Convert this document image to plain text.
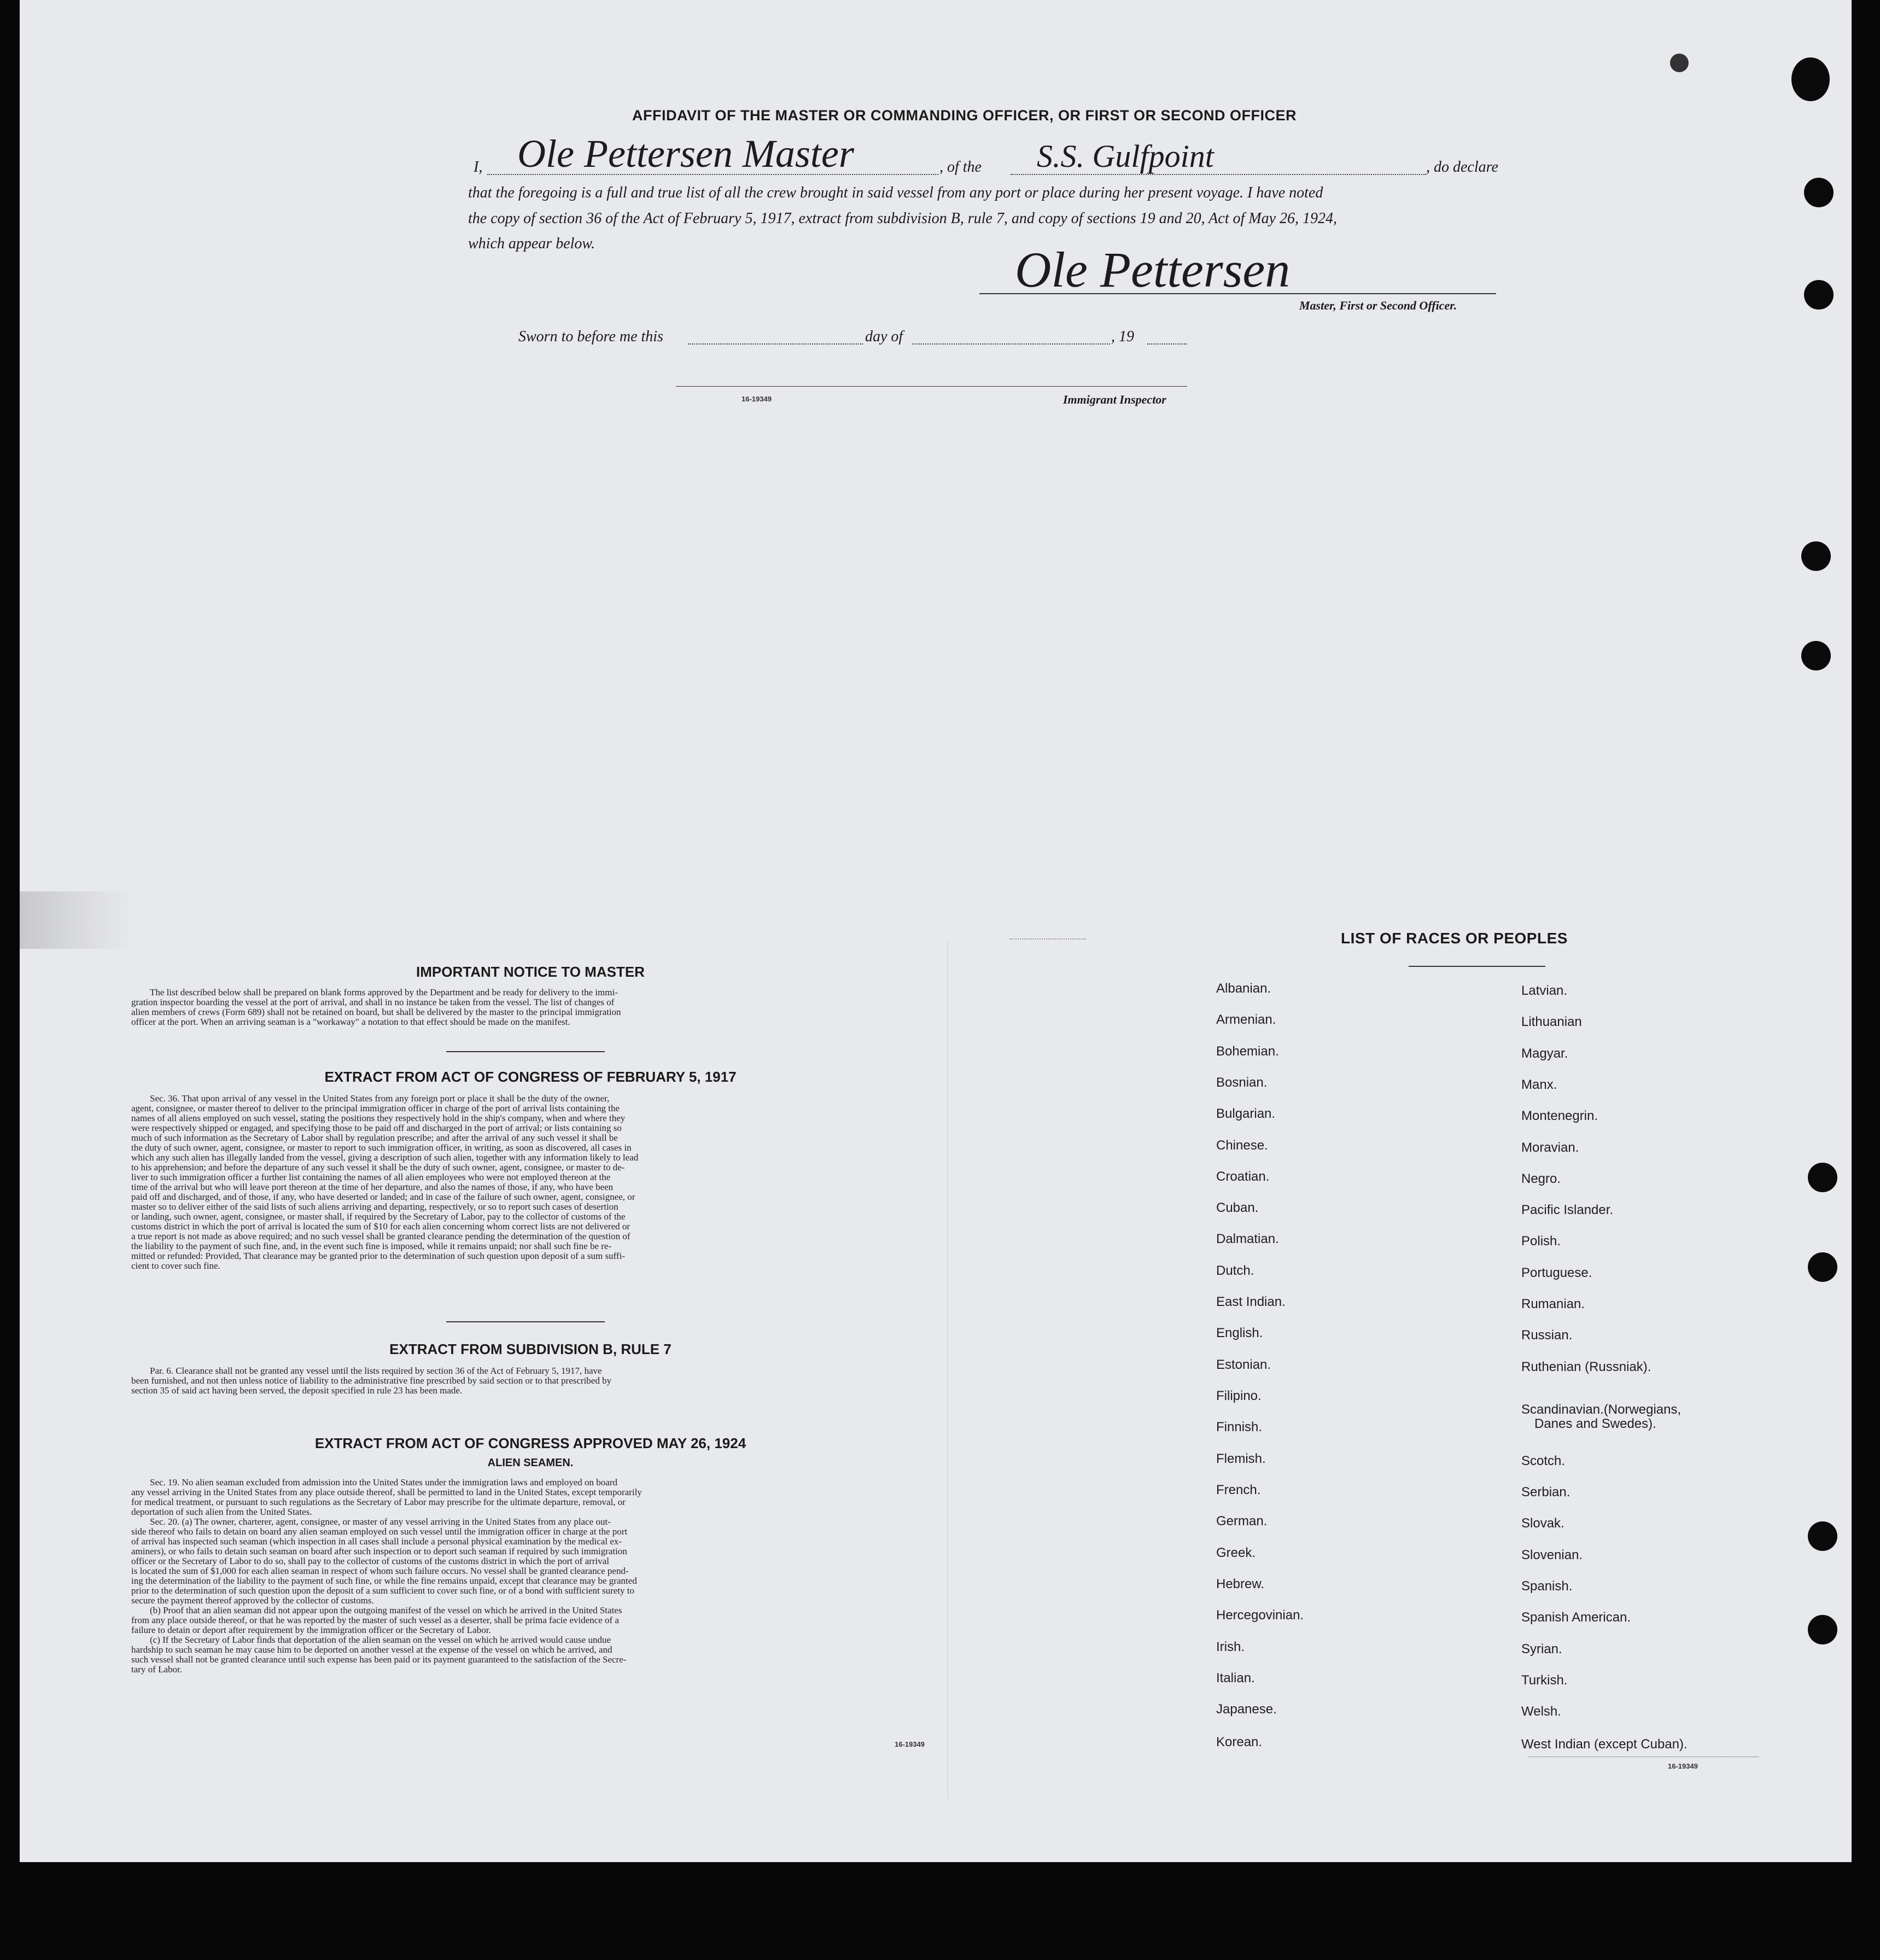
AFFIDAVIT OF THE MASTER OR COMMANDING OFFICER, OR FIRST OR SECOND OFFICER
I, Ole Pettersen Master	, of the S.S. Gulfpoint	, do declare
that the foregoing is a full and true list of all the crew brought in said vessel from any port or place during her present voyage. I have noted
the copy of section 36 of the Act of February 5, 1917, extract from subdivision B, rule 7, and copy of sections 19 and 20, Act of May 26, 1924,
which appear below.	Ole Pettersen
Master, First or Second Officer.
Sworn to before me this	day of	, 19
16-19349	Immigrant Inspector
IMPORTANT NOTICE TO MASTER
The list described below shall be prepared on blank forms approved by the Department and be ready for delivery to the immi-
gration inspector boarding the vessel at the port of arrival, and shall in no instance be taken from the vessel. The list of changes of
alien members of crews (Form 689) shall not be retained on board, but shall be delivered by the master to the principal immigration
officer at the port. When an arriving seaman is a "workaway" a notation to that effect should be made on the manifest.
EXTRACT FROM ACT OF CONGRESS OF FEBRUARY 5, 1917
Sec. 36. That upon arrival of any vessel in the United States from any foreign port or place it shall be the duty of the owner,
agent, consignee, or master thereof to deliver to the principal immigration officer in charge of the port of arrival lists containing the
names of all aliens employed on such vessel, stating the positions they respectively hold in the ship's company, when and where they
were respectively shipped or engaged, and specifying those to be paid off and discharged in the port of arrival; or lists containing so
much of such information as the Secretary of Labor shall by regulation prescribe; and after the arrival of any such vessel it shall be
the duty of such owner, agent, consignee, or master to report to such immigration officer, in writing, as soon as discovered, all cases in
which any such alien has illegally landed from the vessel, giving a description of such alien, together with any information likely to lead
to his apprehension; and before the departure of any such vessel it shall be the duty of such owner, agent, consignee, or master to de-
liver to such immigration officer a further list containing the names of all alien employees who were not employed thereon at the
time of the arrival but who will leave port thereon at the time of her departure, and also the names of those, if any, who have been
paid off and discharged, and of those, if any, who have deserted or landed; and in case of the failure of such owner, agent, consignee, or
master so to deliver either of the said lists of such aliens arriving and departing, respectively, or so to report such cases of desertion
or landing, such owner, agent, consignee, or master shall, if required by the Secretary of Labor, pay to the collector of customs of the
customs district in which the port of arrival is located the sum of $10 for each alien concerning whom correct lists are not delivered or
a true report is not made as above required; and no such vessel shall be granted clearance pending the determination of the question of
the liability to the payment of such fine, and, in the event such fine is imposed, while it remains unpaid; nor shall such fine be re-
mitted or refunded: Provided, That clearance may be granted prior to the determination of such question upon deposit of a sum suffi-
cient to cover such fine.
EXTRACT FROM SUBDIVISION B, RULE 7
Par. 6. Clearance shall not be granted any vessel until the lists required by section 36 of the Act of February 5, 1917, have
been furnished, and not then unless notice of liability to the administrative fine prescribed by said section or to that prescribed by
section 35 of said act having been served, the deposit specified in rule 23 has been made.
EXTRACT FROM ACT OF CONGRESS APPROVED MAY 26, 1924
ALIEN SEAMEN.
Sec. 19. No alien seaman excluded from admission into the United States under the immigration laws and employed on board
any vessel arriving in the United States from any place outside thereof, shall be permitted to land in the United States, except temporarily
for medical treatment, or pursuant to such regulations as the Secretary of Labor may prescribe for the ultimate departure, removal, or
deportation of such alien from the United States.
Sec. 20. (a) The owner, charterer, agent, consignee, or master of any vessel arriving in the United States from any place out-
side thereof who fails to detain on board any alien seaman employed on such vessel until the immigration officer in charge at the port
of arrival has inspected such seaman (which inspection in all cases shall include a personal physical examination by the medical ex-
aminers), or who fails to detain such seaman on board after such inspection or to deport such seaman if required by such immigration
officer or the Secretary of Labor to do so, shall pay to the collector of customs of the customs district in which the port of arrival
is located the sum of $1,000 for each alien seaman in respect of whom such failure occurs. No vessel shall be granted clearance pend-
ing the determination of the liability to the payment of such fine, or while the fine remains unpaid, except that clearance may be granted
prior to the determination of such question upon the deposit of a sum sufficient to cover such fine, or of a bond with sufficient surety to
secure the payment thereof approved by the collector of customs.
(b) Proof that an alien seaman did not appear upon the outgoing manifest of the vessel on which he arrived in the United States
from any place outside thereof, or that he was reported by the master of such vessel as a deserter, shall be prima facie evidence of a
failure to detain or deport after requirement by the immigration officer or the Secretary of Labor.
(c) If the Secretary of Labor finds that deportation of the alien seaman on the vessel on which he arrived would cause undue
hardship to such seaman he may cause him to be deported on another vessel at the expense of the vessel on which he arrived, and
such vessel shall not be granted clearance until such expense has been paid or its payment guaranteed to the satisfaction of the Secre-
tary of Labor.
16-19349
LIST OF RACES OR PEOPLES
Albanian.
Armenian.
Bohemian.
Bosnian.
Bulgarian.
Chinese.
Croatian.
Cuban.
Dalmatian.
Dutch.
East Indian.
English.
Estonian.
Filipino.
Finnish.
Flemish.
French.
German.
Greek.
Hebrew.
Hercegovinian.
Irish.
Italian.
Japanese.
Korean.
Latvian.
Lithuanian
Magyar.
Manx.
Montenegrin.
Moravian.
Negro.
Pacific Islander.
Polish.
Portuguese.
Rumanian.
Russian.
Ruthenian (Russniak).
Scandinavian.(Norwegians,
Danes and Swedes).
Scotch.
Serbian.
Slovak.
Slovenian.
Spanish.
Spanish American.
Syrian.
Turkish.
Welsh.
West Indian (except Cuban).
16-19349
